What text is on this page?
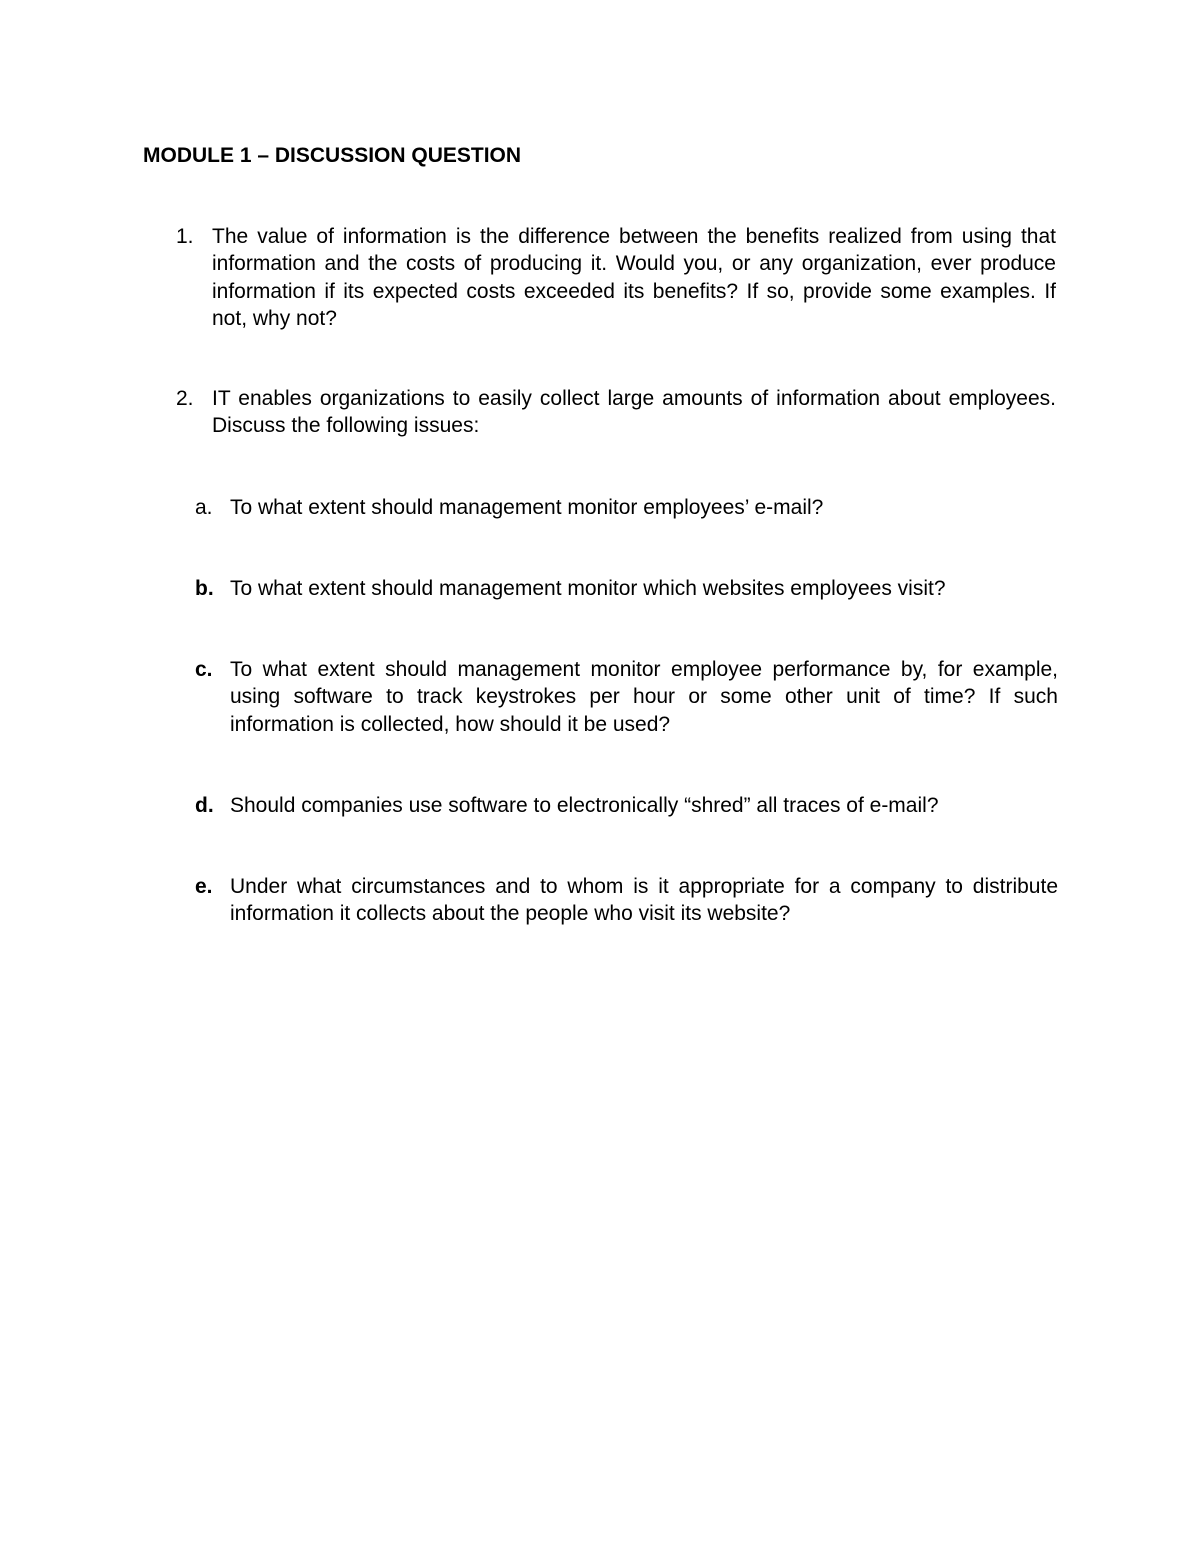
MODULE 1 – DISCUSSION QUESTION
1. The value of information is the difference between the benefits realized from using that information and the costs of producing it. Would you, or any organization, ever produce information if its expected costs exceeded its benefits? If so, provide some examples. If not, why not?
2. IT enables organizations to easily collect large amounts of information about employees. Discuss the following issues:
a. To what extent should management monitor employees’ e-mail?
b. To what extent should management monitor which websites employees visit?
c. To what extent should management monitor employee performance by, for example, using software to track keystrokes per hour or some other unit of time? If such information is collected, how should it be used?
d. Should companies use software to electronically “shred” all traces of e-mail?
e. Under what circumstances and to whom is it appropriate for a company to distribute information it collects about the people who visit its website?
